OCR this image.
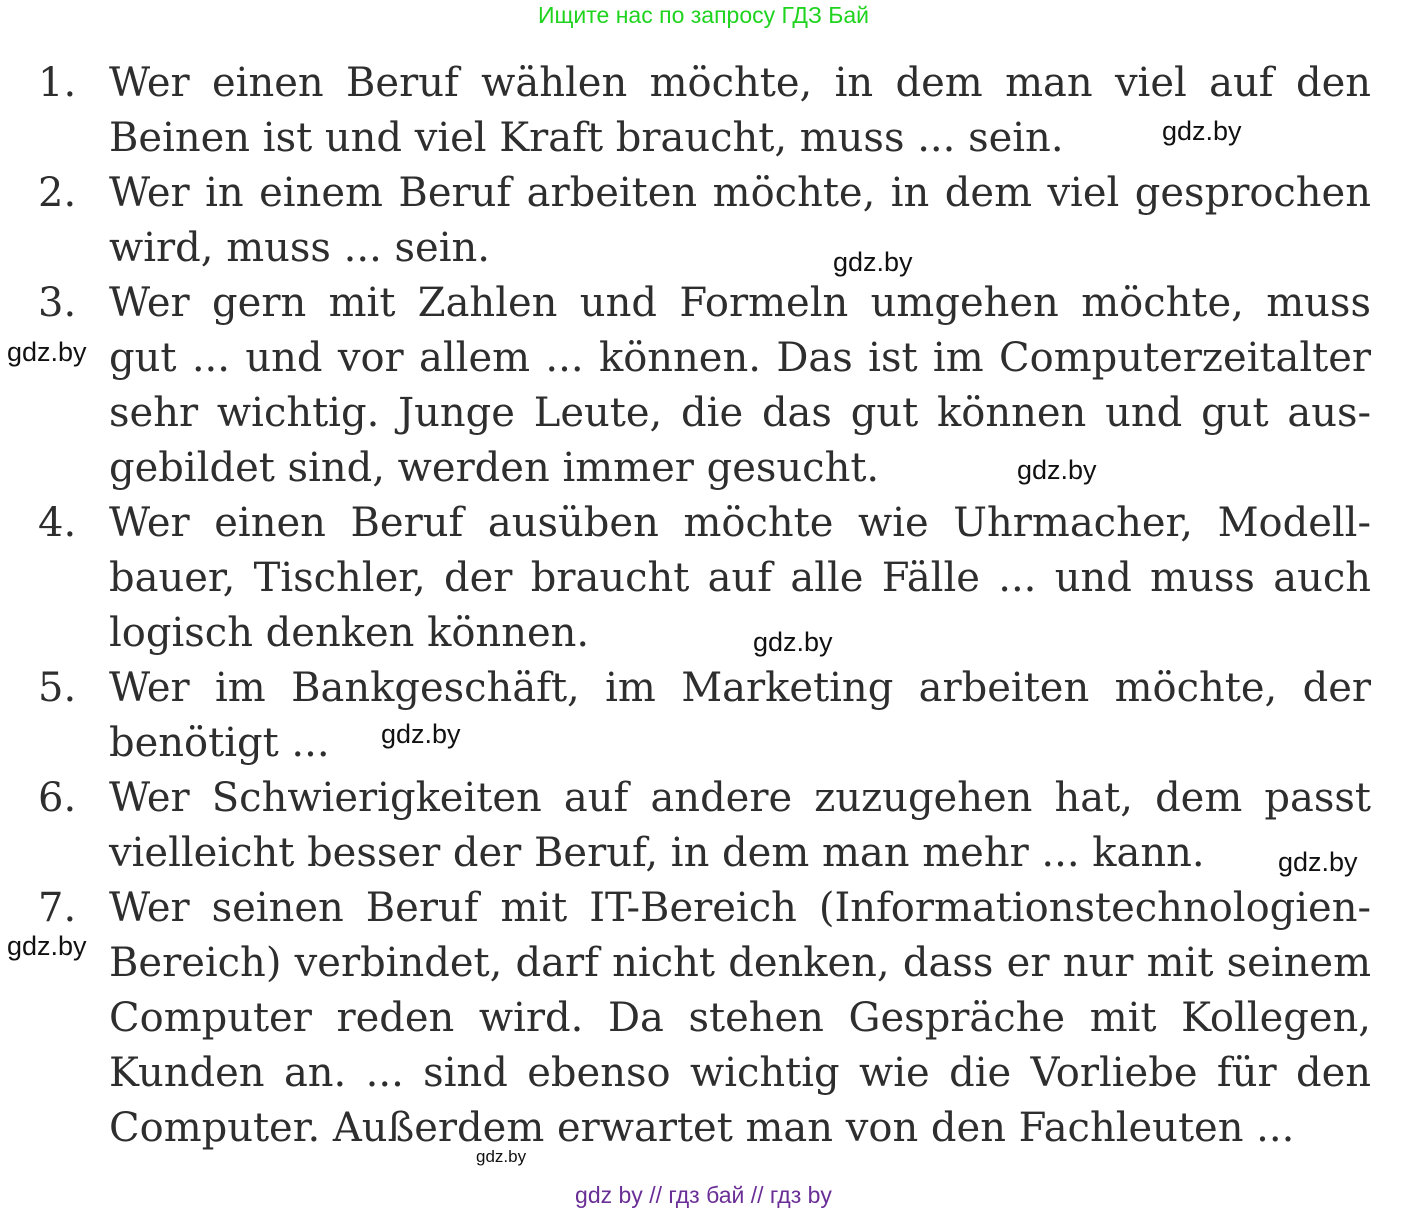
Ищите нас по запросу ГДЗ Бай
1. Wer einen Beruf wählen möchte, in dem man viel auf den
Beinen ist und viel Kraft braucht, muss ... sein.
2. Wer in einem Beruf arbeiten möchte, in dem viel gesprochen
wird, muss ... sein.
3. Wer gern mit Zahlen und Formeln umgehen möchte, muss
gut ... und vor allem ... können. Das ist im Computerzeitalter
sehr wichtig. Junge Leute, die das gut können und gut aus-
gebildet sind, werden immer gesucht.
4. Wer einen Beruf ausüben möchte wie Uhrmacher, Modell-
bauer, Tischler, der braucht auf alle Fälle ... und muss auch
logisch denken können.
5. Wer im Bankgeschäft, im Marketing arbeiten möchte, der
benötigt ...
6. Wer Schwierigkeiten auf andere zuzugehen hat, dem passt
vielleicht besser der Beruf, in dem man mehr ... kann.
7. Wer seinen Beruf mit IT-Bereich (Informationstechnologien-
Bereich) verbindet, darf nicht denken, dass er nur mit seinem
Computer reden wird. Da stehen Gespräche mit Kollegen,
Kunden an. ... sind ebenso wichtig wie die Vorliebe für den
Computer. Außerdem erwartet man von den Fachleuten ...
gdz.by
gdz.by
gdz.by
gdz.by
gdz.by
gdz.by
gdz.by
gdz.by
gdz.by
gdz by // гдз бай // гдз by
